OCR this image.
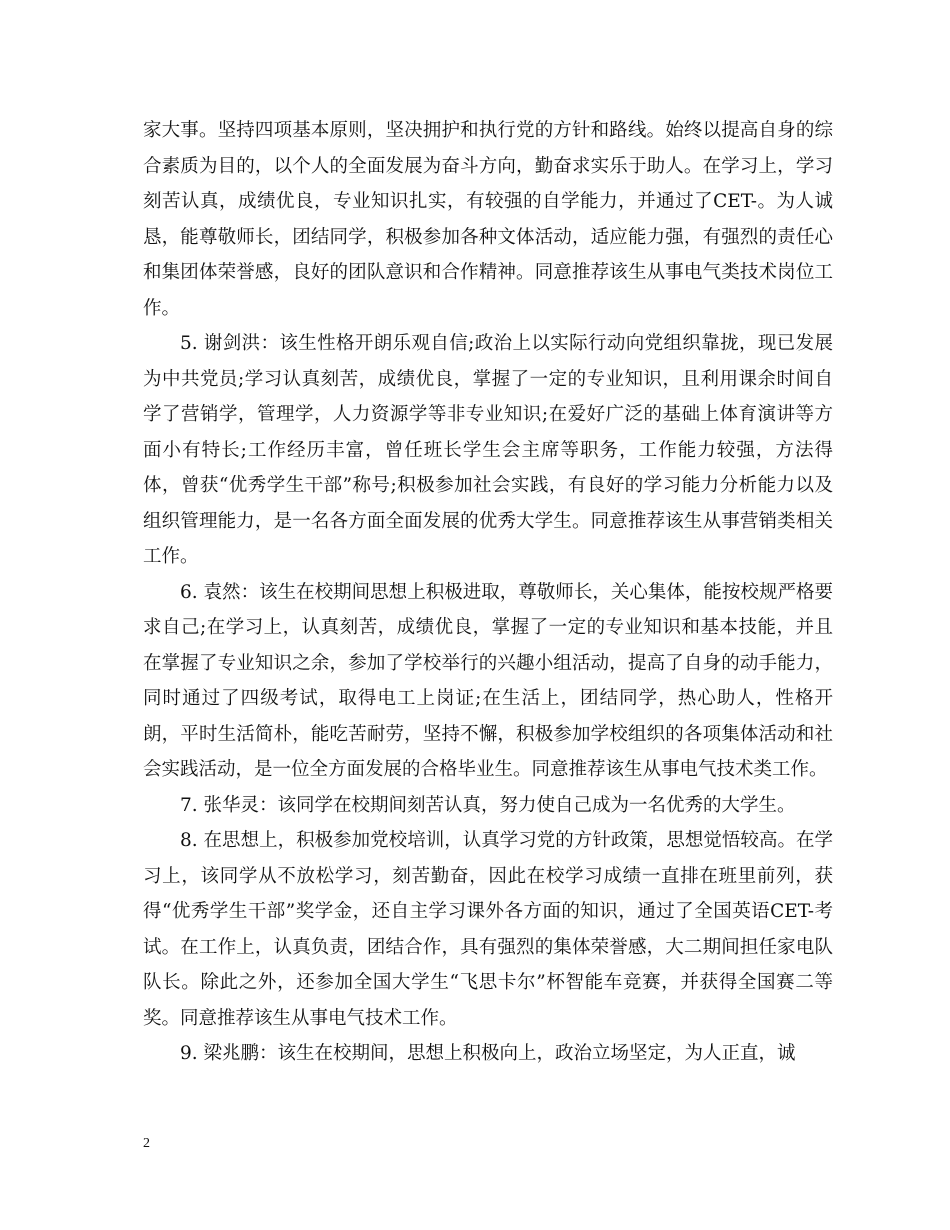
家大事。坚持四项基本原则，坚决拥护和执行党的方针和路线。始终以提高自身的综合素质为目的，以个人的全面发展为奋斗方向，勤奋求实乐于助人。在学习上，学习刻苦认真，成绩优良，专业知识扎实，有较强的自学能力，并通过了CET-。为人诚恳，能尊敬师长，团结同学，积极参加各种文体活动，适应能力强，有强烈的责任心和集团体荣誉感，良好的团队意识和合作精神。同意推荐该生从事电气类技术岗位工作。

5. 谢剑洪：该生性格开朗乐观自信;政治上以实际行动向党组织靠拢，现已发展为中共党员;学习认真刻苦，成绩优良，掌握了一定的专业知识，且利用课余时间自学了营销学，管理学，人力资源学等非专业知识;在爱好广泛的基础上体育演讲等方面小有特长;工作经历丰富，曾任班长学生会主席等职务，工作能力较强，方法得体，曾获“优秀学生干部”称号;积极参加社会实践，有良好的学习能力分析能力以及组织管理能力，是一名各方面全面发展的优秀大学生。同意推荐该生从事营销类相关工作。

6. 袁然：该生在校期间思想上积极进取，尊敬师长，关心集体，能按校规严格要求自己;在学习上，认真刻苦，成绩优良，掌握了一定的专业知识和基本技能，并且在掌握了专业知识之余，参加了学校举行的兴趣小组活动，提高了自身的动手能力，同时通过了四级考试，取得电工上岗证;在生活上，团结同学，热心助人，性格开朗，平时生活简朴，能吃苦耐劳，坚持不懈，积极参加学校组织的各项集体活动和社会实践活动，是一位全方面发展的合格毕业生。同意推荐该生从事电气技术类工作。

7. 张华灵：该同学在校期间刻苦认真，努力使自己成为一名优秀的大学生。

8. 在思想上，积极参加党校培训，认真学习党的方针政策，思想觉悟较高。在学习上，该同学从不放松学习，刻苦勤奋，因此在校学习成绩一直排在班里前列，获得“优秀学生干部”奖学金，还自主学习课外各方面的知识，通过了全国英语CET-考试。在工作上，认真负责，团结合作，具有强烈的集体荣誉感，大二期间担任家电队队长。除此之外，还参加全国大学生“飞思卡尔”杯智能车竞赛，并获得全国赛二等奖。同意推荐该生从事电气技术工作。

9. 梁兆鹏：该生在校期间，思想上积极向上，政治立场坚定，为人正直，诚

2
